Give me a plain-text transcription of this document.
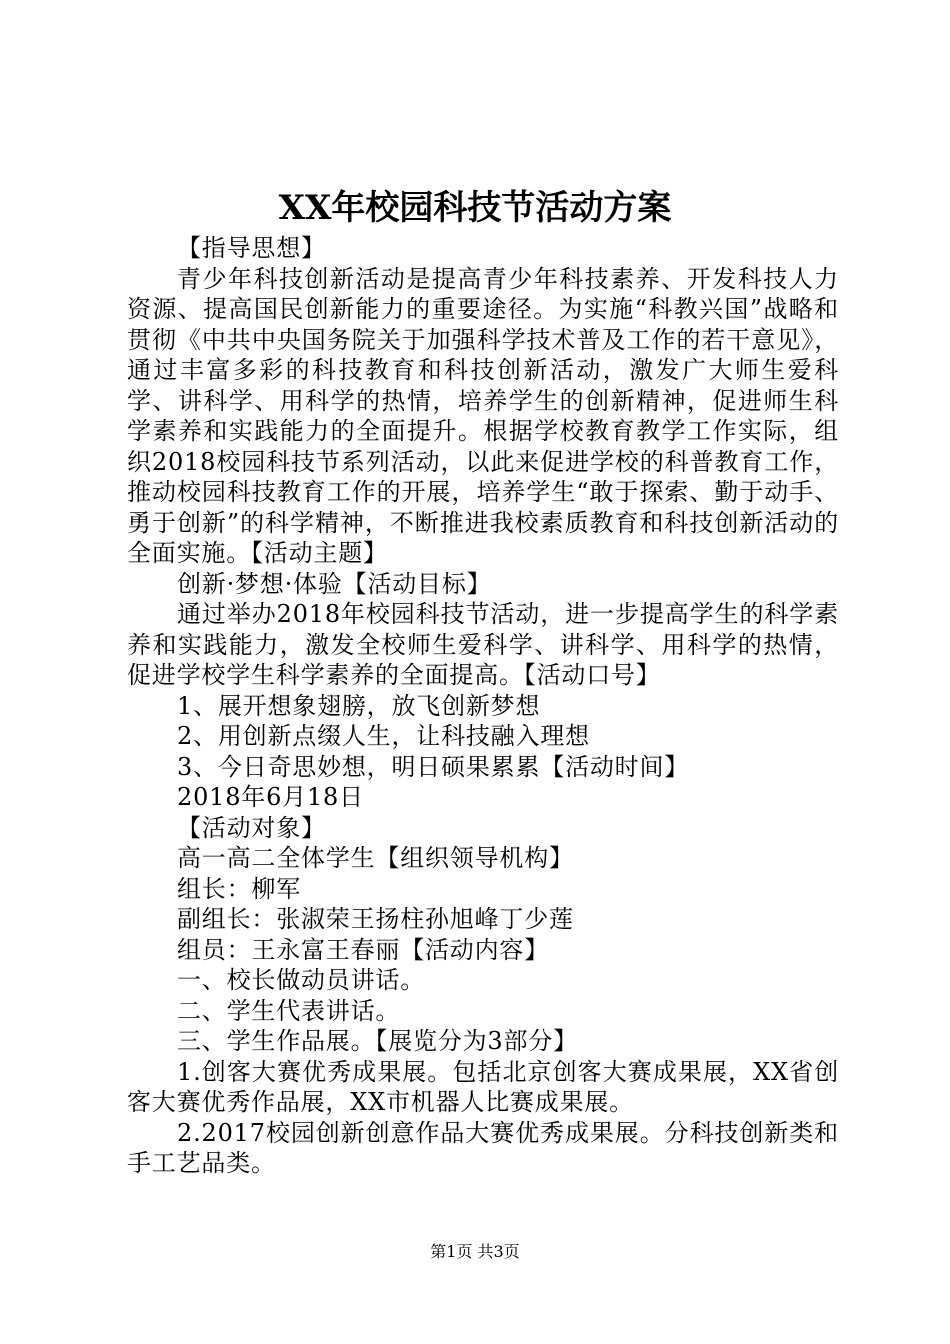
XX年校园科技节活动方案

【指导思想】

青少年科技创新活动是提高青少年科技素养、开发科技人力资源、提高国民创新能力的重要途径。为实施“科教兴国”战略和贯彻《中共中央国务院关于加强科学技术普及工作的若干意见》，通过丰富多彩的科技教育和科技创新活动，激发广大师生爱科学、讲科学、用科学的热情，培养学生的创新精神，促进师生科学素养和实践能力的全面提升。根据学校教育教学工作实际，组织2018校园科技节系列活动，以此来促进学校的科普教育工作，推动校园科技教育工作的开展，培养学生“敢于探索、勤于动手、勇于创新”的科学精神，不断推进我校素质教育和科技创新活动的全面实施。【活动主题】

创新·梦想·体验【活动目标】

通过举办2018年校园科技节活动，进一步提高学生的科学素养和实践能力，激发全校师生爱科学、讲科学、用科学的热情，促进学校学生科学素养的全面提高。【活动口号】

1、展开想象翅膀，放飞创新梦想

2、用创新点缀人生，让科技融入理想

3、今日奇思妙想，明日硕果累累【活动时间】

2018年6月18日

【活动对象】

高一高二全体学生【组织领导机构】

组长：柳军

副组长：张淑荣王扬柱孙旭峰丁少莲

组员：王永富王春丽【活动内容】

一、校长做动员讲话。

二、学生代表讲话。

三、学生作品展。【展览分为3部分】

1.创客大赛优秀成果展。包括北京创客大赛成果展，XX省创客大赛优秀作品展，XX市机器人比赛成果展。

2.2017校园创新创意作品大赛优秀成果展。分科技创新类和手工艺品类。

第1页 共3页
